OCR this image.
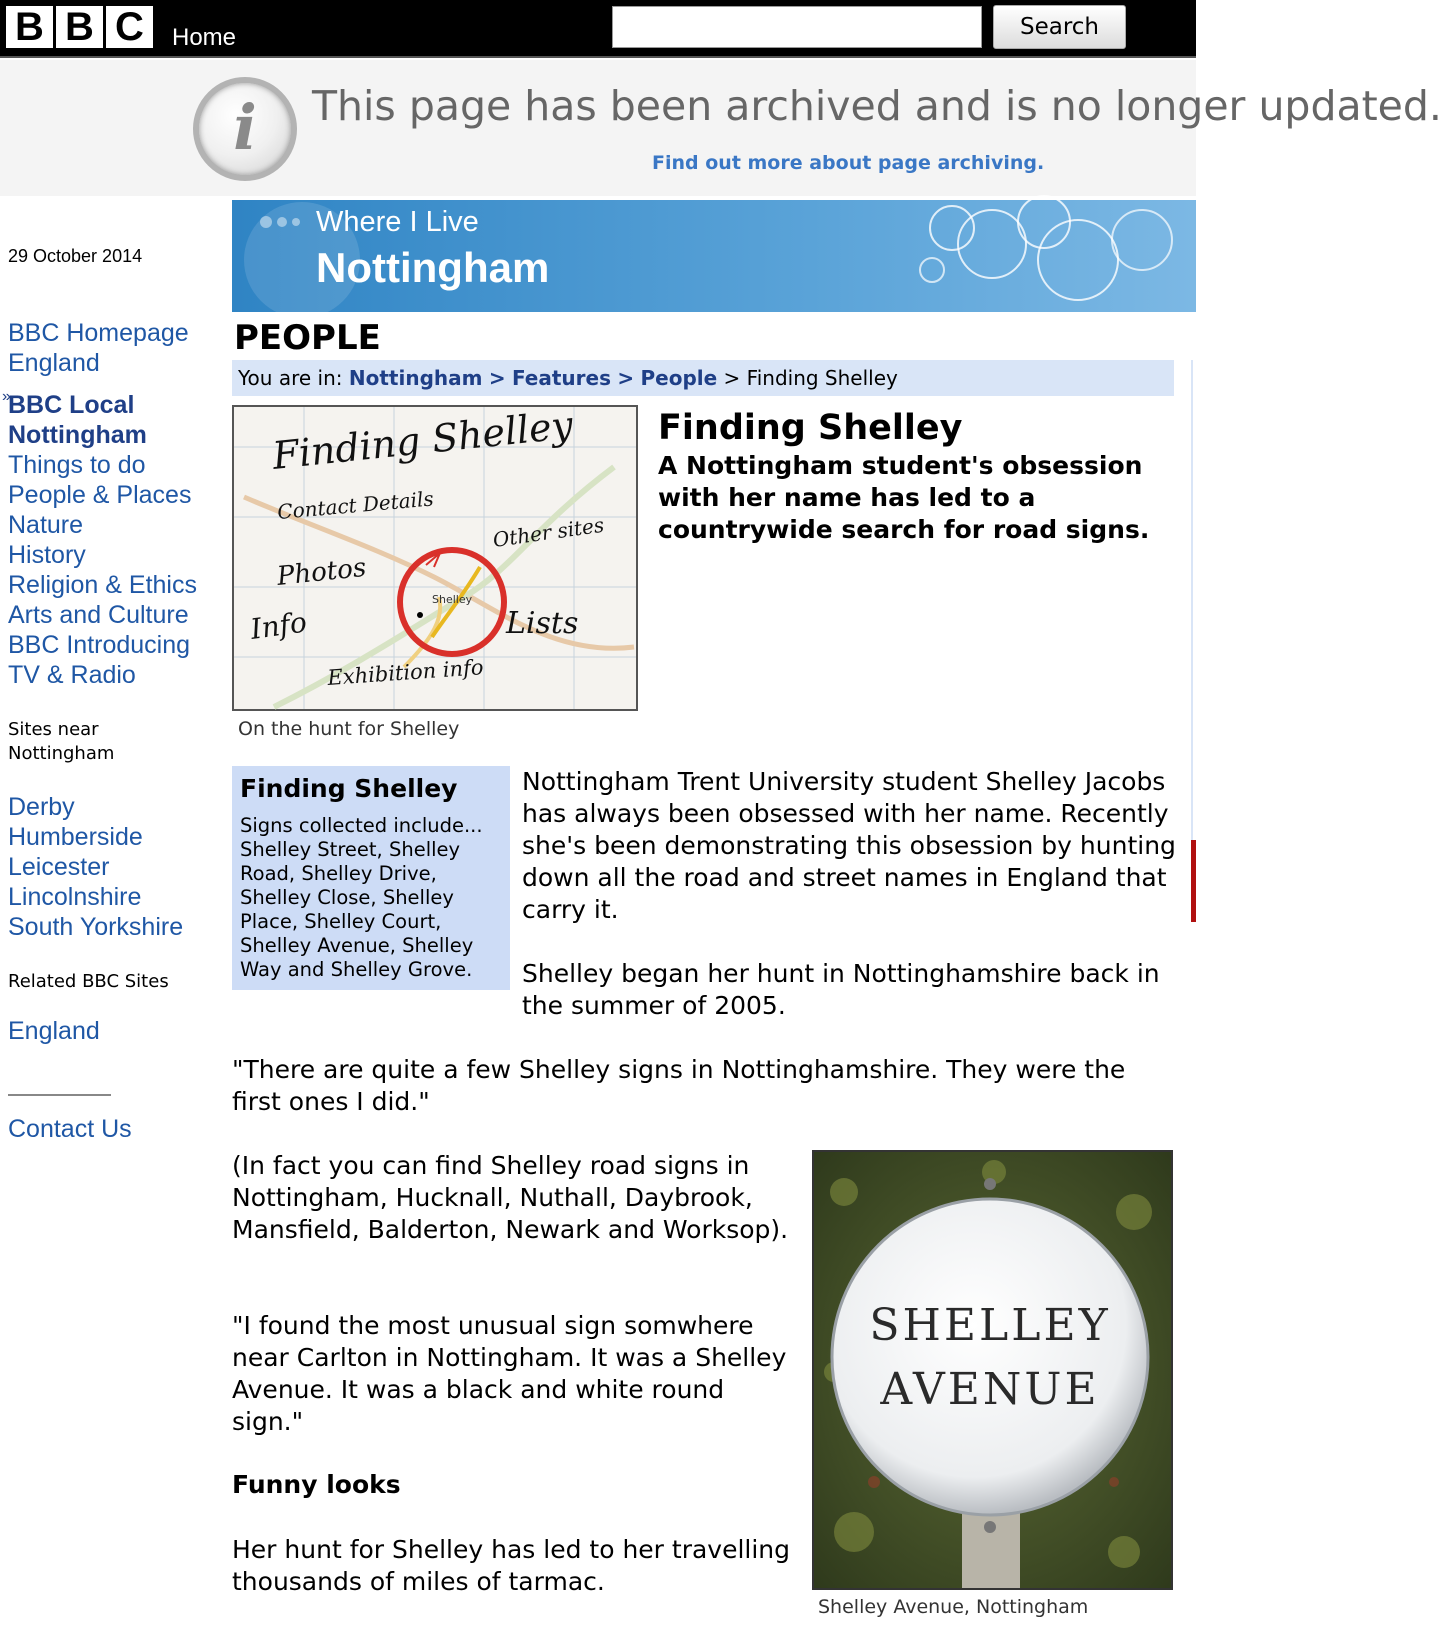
B B C	Home	Search
i	This page has been archived and is no longer updated.
Find out more about page archiving.
29 October 2014
BBC Homepage
England
»
BBC Local
Nottingham
Things to do
People & Places
Nature
History
Religion & Ethics
Arts and Culture
BBC Introducing
TV & Radio
Sites near
Nottingham
Derby
Humberside
Leicester
Lincolnshire
South Yorkshire
Related BBC Sites
England
Contact Us
Where I Live
Nottingham
PEOPLE
You are in: Nottingham > Features > People > Finding Shelley
Finding Shelley
Contact Details
Other sites
Photos
Info	Lists
Exhibition info
Shelley
On the hunt for Shelley
Finding Shelley
A Nottingham student's obsession with her name has led to a countrywide search for road signs.
Finding Shelley
Signs collected include... Shelley Street, Shelley Road, Shelley Drive, Shelley Close, Shelley Place, Shelley Court, Shelley Avenue, Shelley Way and Shelley Grove.
Nottingham Trent University student Shelley Jacobs has always been obsessed with her name. Recently she's been demonstrating this obsession by hunting down all the road and street names in England that carry it.
Shelley began her hunt in Nottinghamshire back in the summer of 2005.
"There are quite a few Shelley signs in Nottinghamshire. They were the first ones I did."
(In fact you can find Shelley road signs in Nottingham, Hucknall, Nuthall, Daybrook, Mansfield, Balderton, Newark and Worksop).
"I found the most unusual sign somwhere near Carlton in Nottingham. It was a Shelley Avenue. It was a black and white round sign."
Funny looks
Her hunt for Shelley has led to her travelling thousands of miles of tarmac.
SHELLEY
AVENUE
Shelley Avenue, Nottingham
